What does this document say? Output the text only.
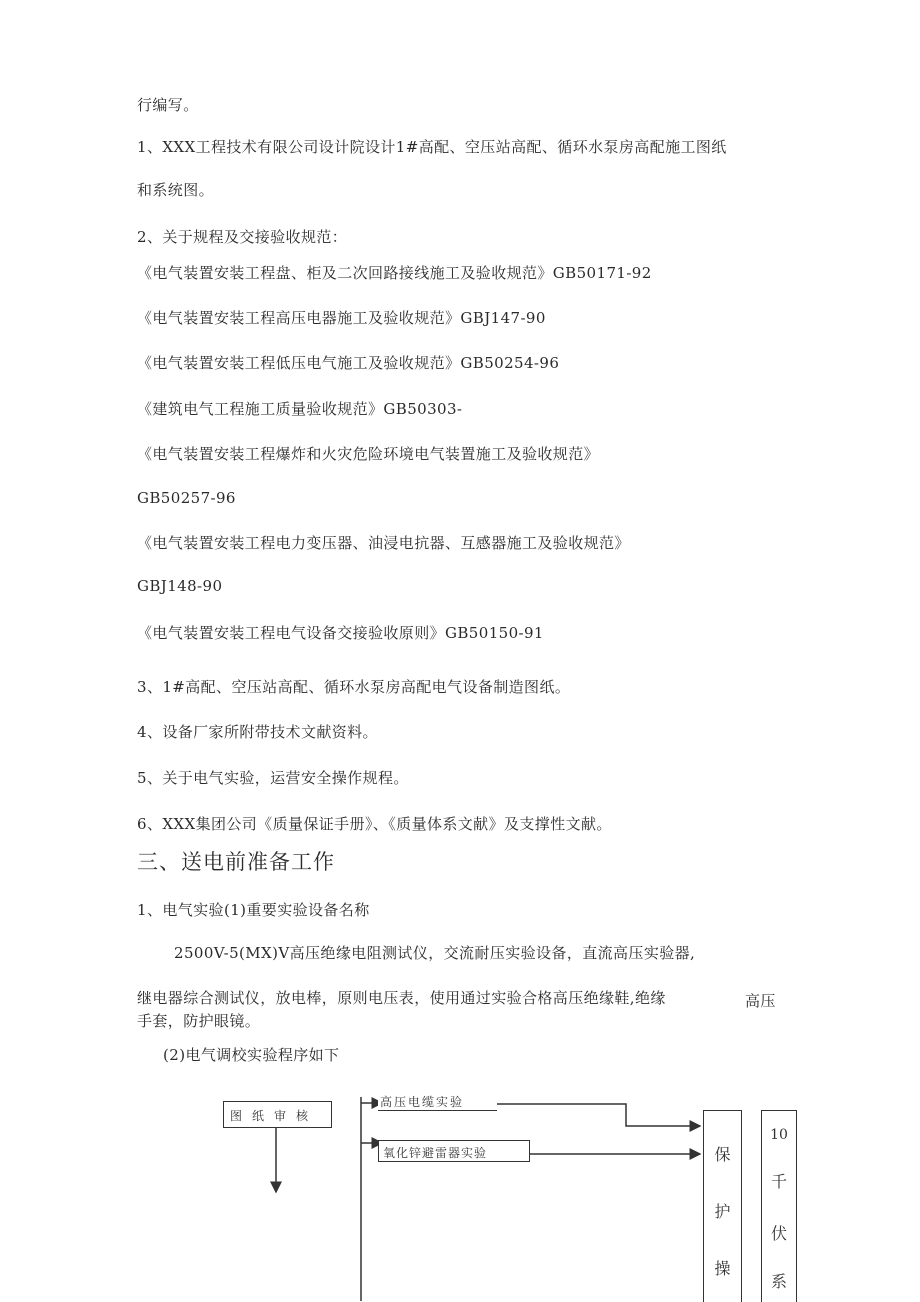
行编写。
1、XXX工程技术有限公司设计院设计1#高配、空压站高配、循环水泵房高配施工图纸
和系统图。
2、关于规程及交接验收规范：
《电气装置安装工程盘、柜及二次回路接线施工及验收规范》GB50171-92
《电气装置安装工程高压电器施工及验收规范》GBJ147-90
《电气装置安装工程低压电气施工及验收规范》GB50254-96
《建筑电气工程施工质量验收规范》GB50303-
《电气装置安装工程爆炸和火灾危险环境电气装置施工及验收规范》
GB50257-96
《电气装置安装工程电力变压器、油浸电抗器、互感器施工及验收规范》
GBJ148-90
《电气装置安装工程电气设备交接验收原则》GB50150-91
3、1#高配、空压站高配、循环水泵房高配电气设备制造图纸。
4、设备厂家所附带技术文献资料。
5、关于电气实验，运营安全操作规程。
6、XXX集团公司《质量保证手册》、《质量体系文献》及支撑性文献。
三、送电前准备工作
1、电气实验(1)重要实验设备名称
2500V-5(MX)V高压绝缘电阻测试仪，交流耐压实验设备，直流高压实验器,
继电器综合测试仪，放电棒，原则电压表，使用通过实验合格高压绝缘鞋,绝缘	高压
手套，防护眼镜。
(2)电气调校实验程序如下
图纸审核
高压电缆实验
氧化锌避雷器实验	保
护
操
10
千
伏
系
